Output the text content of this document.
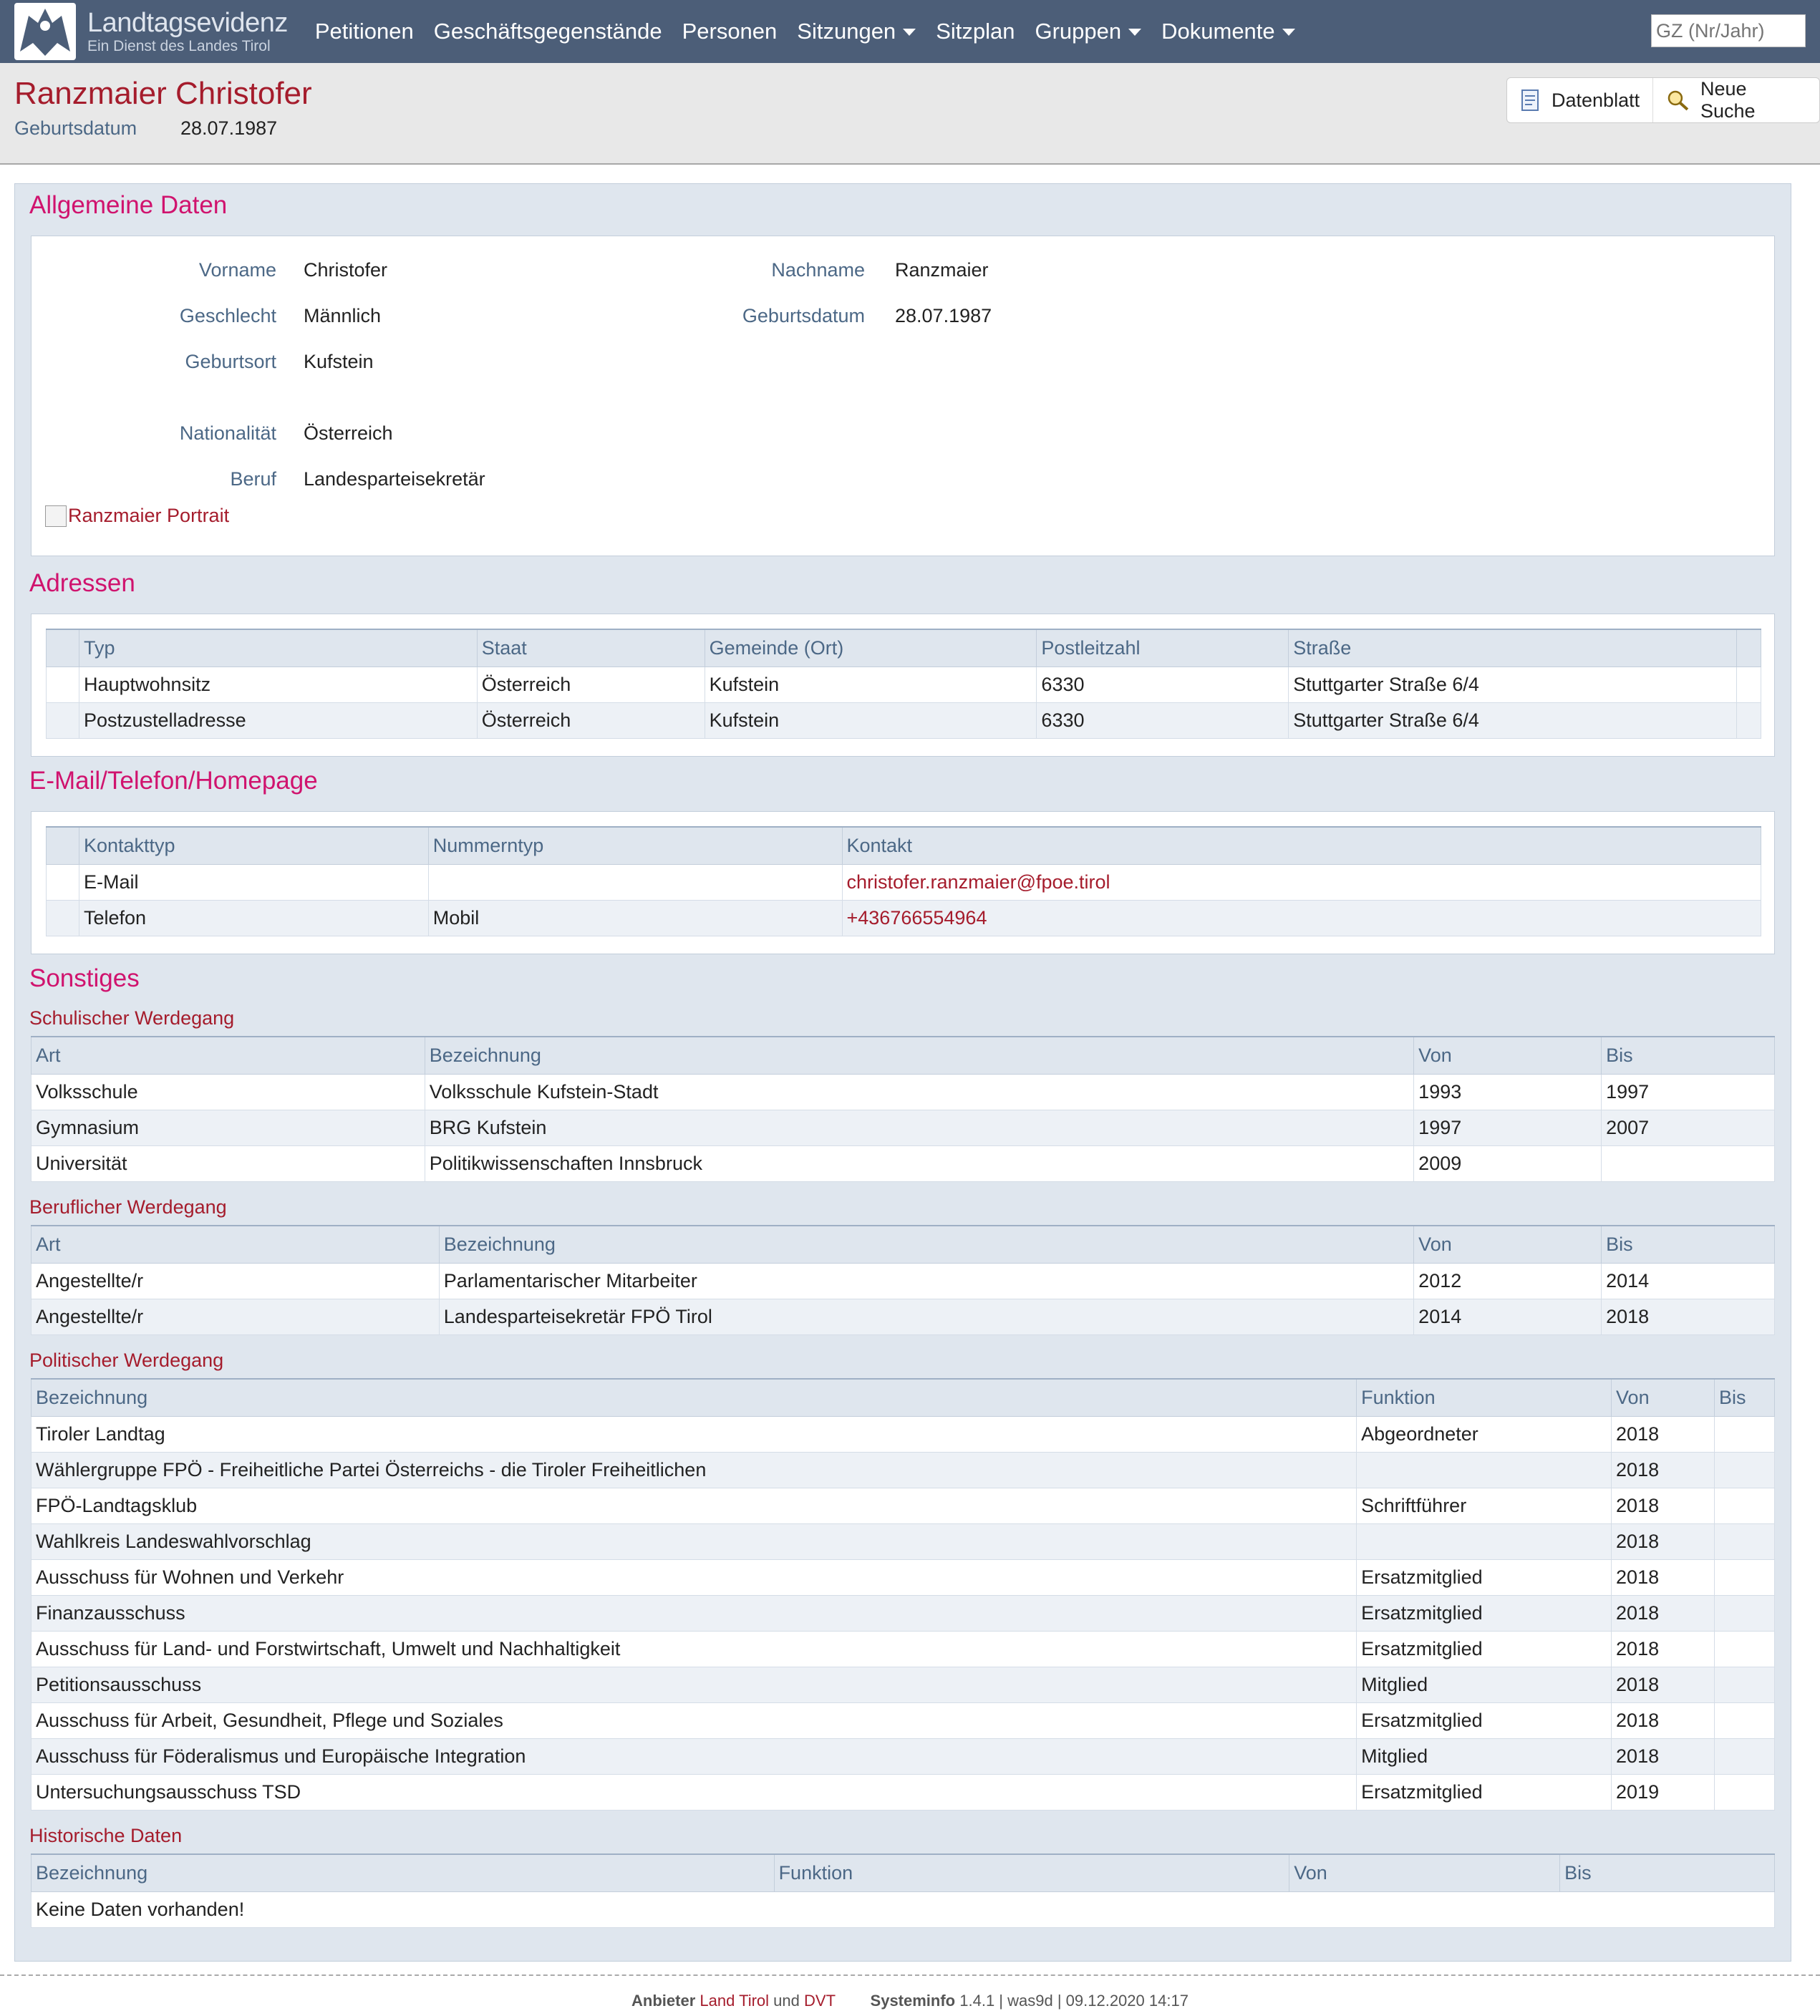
Landtagsevidenz
Ein Dienst des Landes Tirol
Petitionen Geschäftsgegenstände Personen Sitzungen Sitzplan Gruppen Dokumente
GZ (Nr/Jahr)
Ranzmaier Christofer
Geburtsdatum 28.07.1987
Datenblatt
Neue Suche
Allgemeine Daten
Vorname Christofer
Geschlecht Männlich
Geburtsort Kufstein
Nationalität Österreich
Beruf Landesparteisekretär
Nachname Ranzmaier
Geburtsdatum 28.07.1987
Ranzmaier Portrait
Adressen
	Typ	Staat	Gemeinde (Ort)	Postleitzahl	Straße	
	Hauptwohnsitz	Österreich	Kufstein	6330	Stuttgarter Straße 6/4	
	Postzustelladresse	Österreich	Kufstein	6330	Stuttgarter Straße 6/4	
E-Mail/Telefon/Homepage
	Kontakttyp	Nummerntyp	Kontakt
	E-Mail		christofer.ranzmaier@fpoe.tirol
	Telefon	Mobil	+436766554964
Sonstiges
Schulischer Werdegang
Art	Bezeichnung	Von	Bis
Volksschule	Volksschule Kufstein-Stadt	1993	1997
Gymnasium	BRG Kufstein	1997	2007
Universität	Politikwissenschaften Innsbruck	2009	
Beruflicher Werdegang
Art	Bezeichnung	Von	Bis
Angestellte/r	Parlamentarischer Mitarbeiter	2012	2014
Angestellte/r	Landesparteisekretär FPÖ Tirol	2014	2018
Politischer Werdegang
Bezeichnung	Funktion	Von	Bis
Tiroler Landtag	Abgeordneter	2018	
Wählergruppe FPÖ - Freiheitliche Partei Österreichs - die Tiroler Freiheitlichen		2018	
FPÖ-Landtagsklub	Schriftführer	2018	
Wahlkreis Landeswahlvorschlag		2018	
Ausschuss für Wohnen und Verkehr	Ersatzmitglied	2018	
Finanzausschuss	Ersatzmitglied	2018	
Ausschuss für Land- und Forstwirtschaft, Umwelt und Nachhaltigkeit	Ersatzmitglied	2018	
Petitionsausschuss	Mitglied	2018	
Ausschuss für Arbeit, Gesundheit, Pflege und Soziales	Ersatzmitglied	2018	
Ausschuss für Föderalismus und Europäische Integration	Mitglied	2018	
Untersuchungsausschuss TSD	Ersatzmitglied	2019	
Historische Daten
Bezeichnung	Funktion	Von	Bis
Keine Daten vorhanden!
Anbieter Land Tirol und DVT Systeminfo 1.4.1 | was9d | 09.12.2020 14:17
